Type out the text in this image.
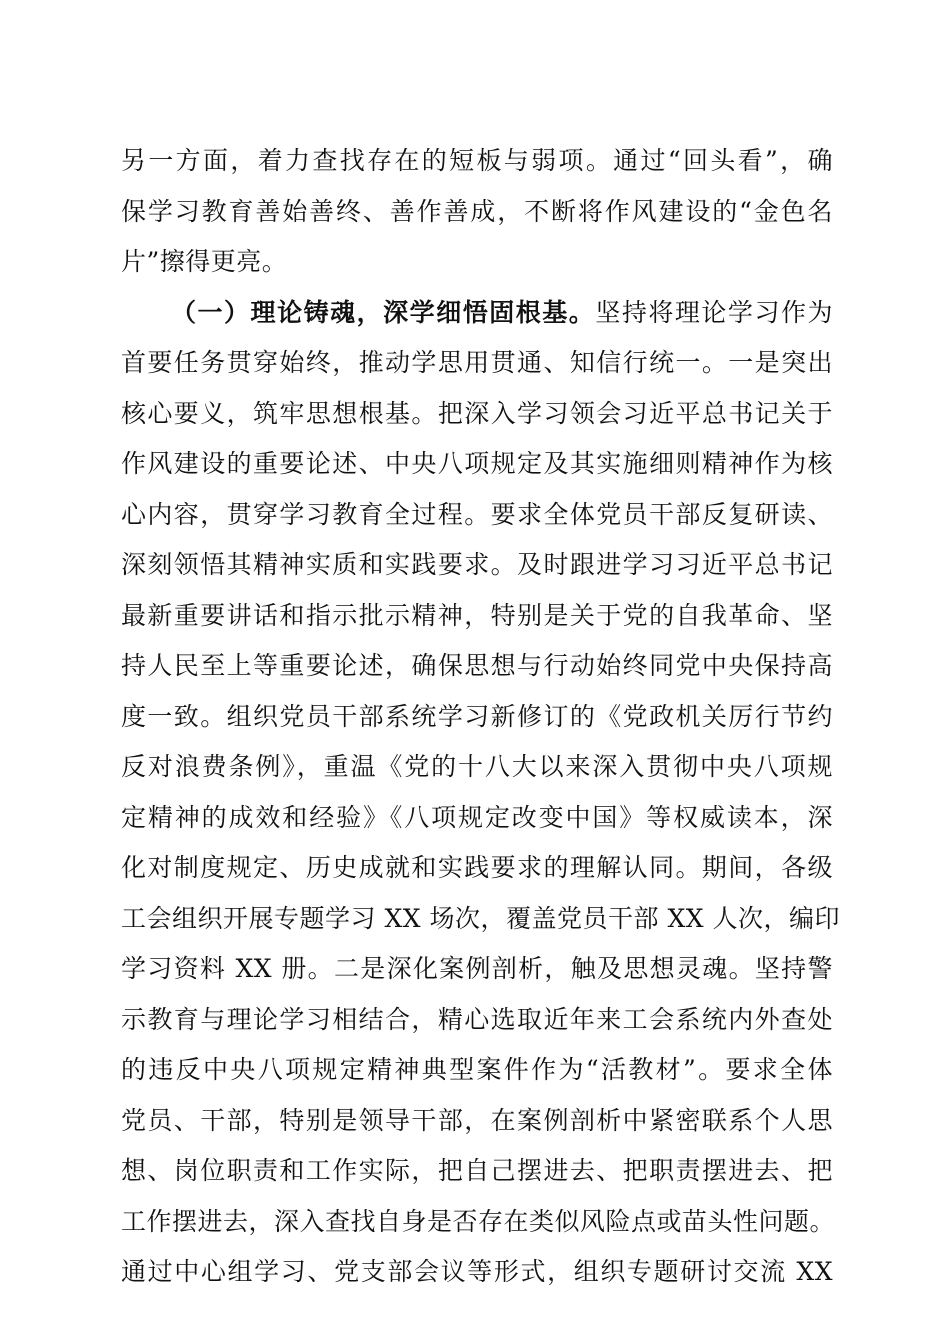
另一方面，着力查找存在的短板与弱项。通过“回头看”，确
保学习教育善始善终、善作善成，不断将作风建设的“金色名
片”擦得更亮。
（一）理论铸魂，深学细悟固根基。坚持将理论学习作为
首要任务贯穿始终，推动学思用贯通、知信行统一。一是突出
核心要义，筑牢思想根基。把深入学习领会习近平总书记关于
作风建设的重要论述、中央八项规定及其实施细则精神作为核
心内容，贯穿学习教育全过程。要求全体党员干部反复研读、
深刻领悟其精神实质和实践要求。及时跟进学习习近平总书记
最新重要讲话和指示批示精神，特别是关于党的自我革命、坚
持人民至上等重要论述，确保思想与行动始终同党中央保持高
度一致。组织党员干部系统学习新修订的《党政机关厉行节约
反对浪费条例》，重温《党的十八大以来深入贯彻中央八项规
定精神的成效和经验》《八项规定改变中国》等权威读本，深
化对制度规定、历史成就和实践要求的理解认同。期间，各级
工会组织开展专题学习 XX 场次，覆盖党员干部 XX 人次，编印
学习资料 XX 册。二是深化案例剖析，触及思想灵魂。坚持警
示教育与理论学习相结合，精心选取近年来工会系统内外查处
的违反中央八项规定精神典型案件作为“活教材”。要求全体
党员、干部，特别是领导干部，在案例剖析中紧密联系个人思
想、岗位职责和工作实际，把自己摆进去、把职责摆进去、把
工作摆进去，深入查找自身是否存在类似风险点或苗头性问题。
通过中心组学习、党支部会议等形式，组织专题研讨交流 XX
